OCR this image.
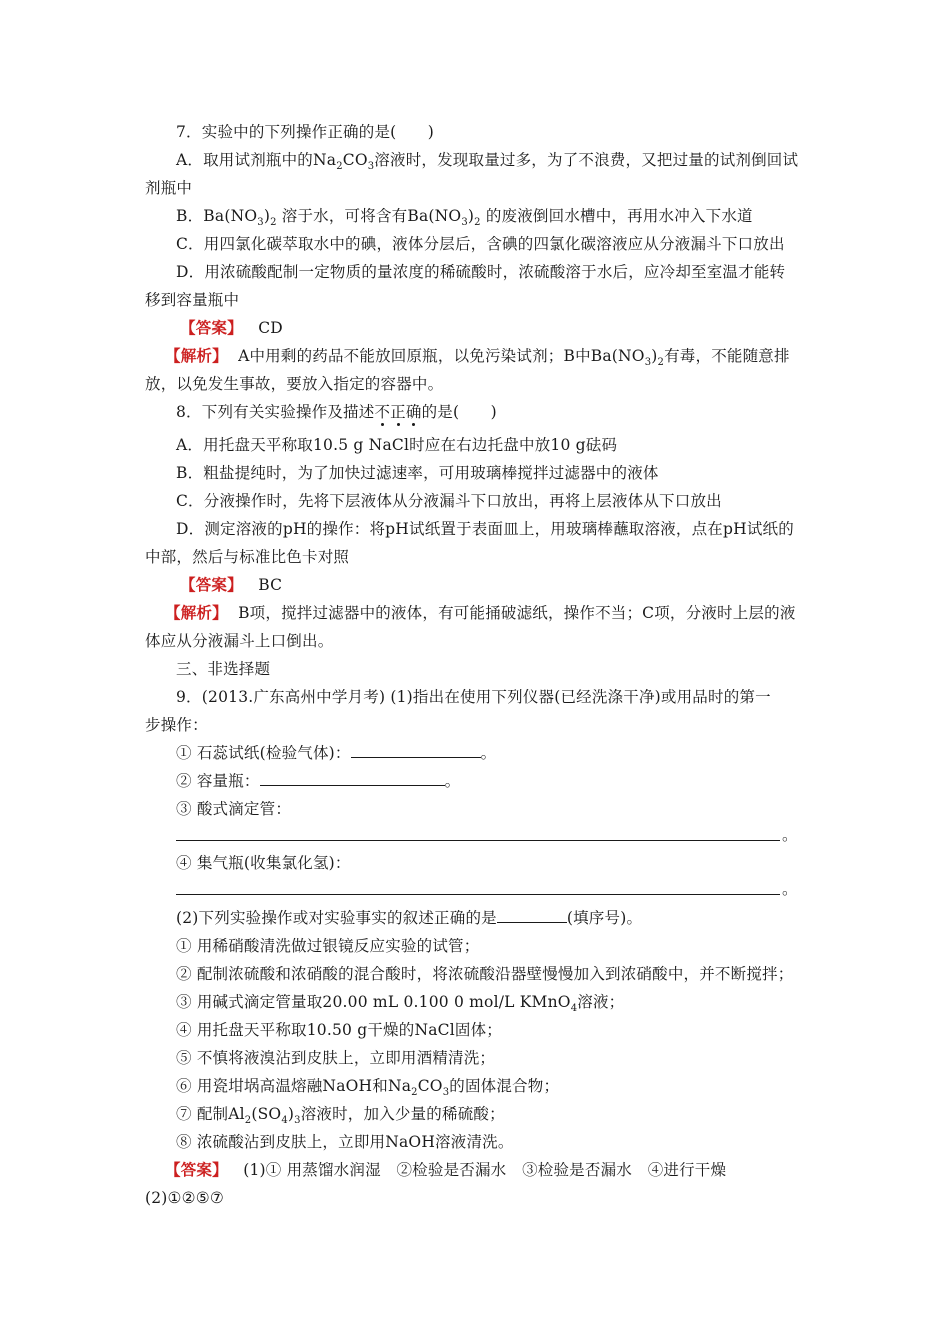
7．实验中的下列操作正确的是(　　)
A．取用试剂瓶中的$Na_2CO_3$溶液时，发现取量过多，为了不浪费，又把过量的试剂倒回试
剂瓶中
B．$Ba(NO_3)_2$ 溶于水，可将含有$Ba(NO_3)_2$ 的废液倒回水槽中，再用水冲入下水道
C．用四氯化碳萃取水中的碘，液体分层后，含碘的四氯化碳溶液应从分液漏斗下口放出
D．用浓硫酸配制一定物质的量浓度的稀硫酸时，浓硫酸溶于水后，应冷却至室温才能转
移到容量瓶中
【答案】 CD
【解析】 A中用剩的药品不能放回原瓶，以免污染试剂；B中$Ba(NO_3)_2$有毒，不能随意排
放，以免发生事故，要放入指定的容器中。
8．下列有关实验操作及描述不正确的是(　　)
A．用托盘天平称取10.5 g NaCl时应在右边托盘中放10 g砝码
B．粗盐提纯时，为了加快过滤速率，可用玻璃棒搅拌过滤器中的液体
C．分液操作时，先将下层液体从分液漏斗下口放出，再将上层液体从下口放出
D．测定溶液的pH的操作：将pH试纸置于表面皿上，用玻璃棒蘸取溶液，点在pH试纸的
中部，然后与标准比色卡对照
【答案】 BC
【解析】 B项，搅拌过滤器中的液体，有可能捅破滤纸，操作不当；C项，分液时上层的液
体应从分液漏斗上口倒出。
三、非选择题
9．(2013.广东高州中学月考) (1)指出在使用下列仪器(已经洗涤干净)或用品时的第一
步操作：
① 石蕊试纸(检验气体)：	。
② 容量瓶：	。
③ 酸式滴定管：
。
④ 集气瓶(收集氯化氢)：
。
(2)下列实验操作或对实验事实的叙述正确的是	(填序号)。
① 用稀硝酸清洗做过银镜反应实验的试管；
② 配制浓硫酸和浓硝酸的混合酸时，将浓硫酸沿器壁慢慢加入到浓硝酸中，并不断搅拌；
③ 用碱式滴定管量取20.00 mL 0.100 0 mol/L KMnO$_4$溶液；
④ 用托盘天平称取10.50 g干燥的NaCl固体；
⑤ 不慎将液溴沾到皮肤上，立即用酒精清洗；
⑥ 用瓷坩埚高温熔融NaOH和$Na_2CO_3$的固体混合物；
⑦ 配制$Al_2(SO_4)_3$溶液时，加入少量的稀硫酸；
⑧ 浓硫酸沾到皮肤上，立即用NaOH溶液清洗。
【答案】 (1)① 用蒸馏水润湿　②检验是否漏水　③检验是否漏水　④进行干燥
(2)①②⑤⑦
